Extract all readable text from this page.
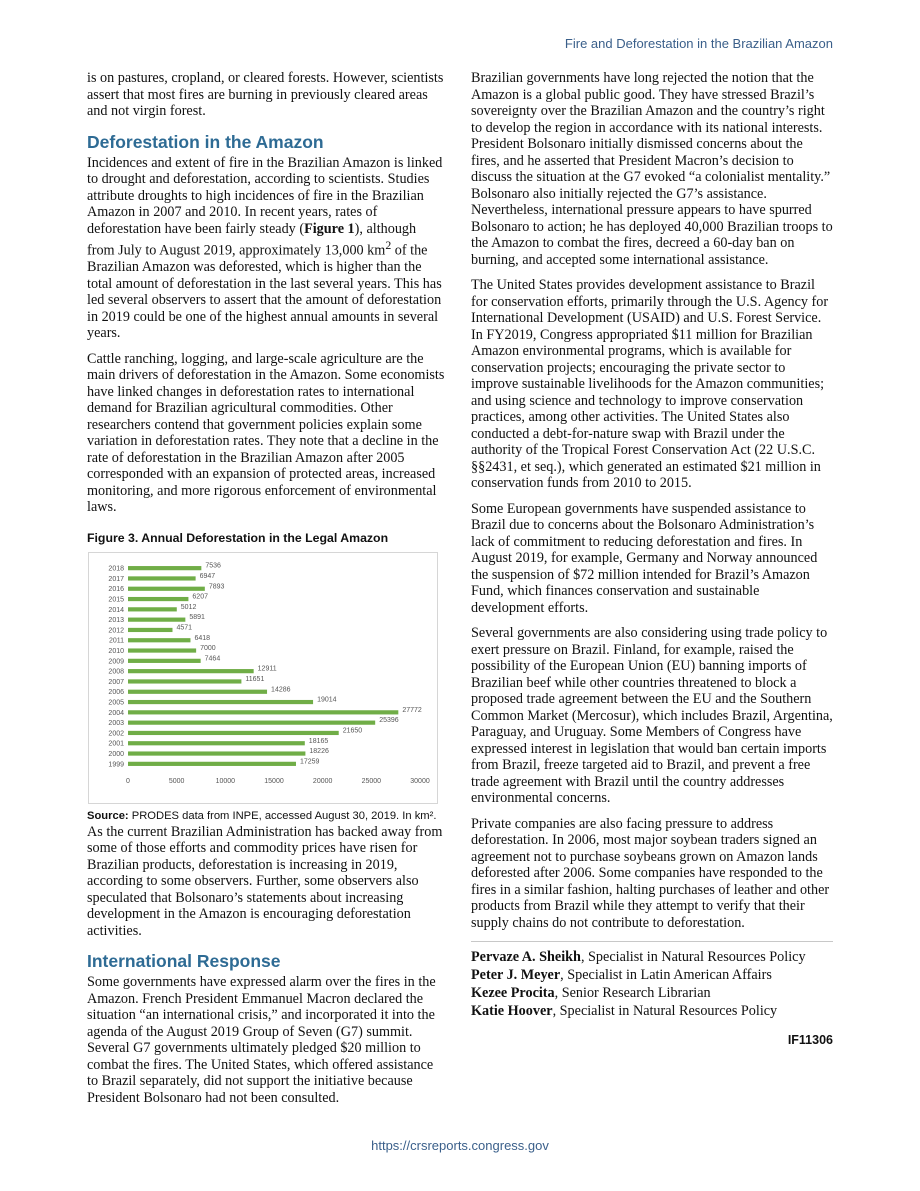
Fire and Deforestation in the Brazilian Amazon

is on pastures, cropland, or cleared forests. However, scientists assert that most fires are burning in previously cleared areas and not virgin forest.

Deforestation in the Amazon

Incidences and extent of fire in the Brazilian Amazon is linked to drought and deforestation, according to scientists. Studies attribute droughts to high incidences of fire in the Brazilian Amazon in 2007 and 2010. In recent years, rates of deforestation have been fairly steady (Figure 1), although from July to August 2019, approximately 13,000 $km^2$ of the Brazilian Amazon was deforested, which is higher than the total amount of deforestation in the last several years. This has led several observers to assert that the amount of deforestation in 2019 could be one of the highest annual amounts in several years.

Cattle ranching, logging, and large-scale agriculture are the main drivers of deforestation in the Amazon. Some economists have linked changes in deforestation rates to international demand for Brazilian agricultural commodities. Other researchers contend that government policies explain some variation in deforestation rates. They note that a decline in the rate of deforestation in the Brazilian Amazon after 2005 corresponded with an expansion of protected areas, increased monitoring, and more rigorous enforcement of environmental laws.

Figure 3. Annual Deforestation in the Legal Amazon
2018	7536
2017	6947
2016	7893
2015	6207
2014	5012
2013	5891
2012	4571
2011	6418
2010	7000
2009	7464
2008	12911
2007	11651
2006	14286
2005	19014
2004	27772
2003	25396
2002	21650
2001	18165
2000	18226
1999	17259
0	5000	10000	15000	20000	25000	30000
Source: PRODES data from INPE, accessed August 30, 2019. In km².

As the current Brazilian Administration has backed away from some of those efforts and commodity prices have risen for Brazilian products, deforestation is increasing in 2019, according to some observers. Further, some observers also speculated that Bolsonaro’s statements about increasing development in the Amazon is encouraging deforestation activities.

International Response

Some governments have expressed alarm over the fires in the Amazon. French President Emmanuel Macron declared the situation “an international crisis,” and incorporated it into the agenda of the August 2019 Group of Seven (G7) summit. Several G7 governments ultimately pledged $20 million to combat the fires. The United States, which offered assistance to Brazil separately, did not support the initiative because President Bolsonaro had not been consulted.

Brazilian governments have long rejected the notion that the Amazon is a global public good. They have stressed Brazil’s sovereignty over the Brazilian Amazon and the country’s right to develop the region in accordance with its national interests. President Bolsonaro initially dismissed concerns about the fires, and he asserted that President Macron’s decision to discuss the situation at the G7 evoked “a colonialist mentality.” Bolsonaro also initially rejected the G7’s assistance. Nevertheless, international pressure appears to have spurred Bolsonaro to action; he has deployed 40,000 Brazilian troops to the Amazon to combat the fires, decreed a 60-day ban on burning, and accepted some international assistance.

The United States provides development assistance to Brazil for conservation efforts, primarily through the U.S. Agency for International Development (USAID) and U.S. Forest Service. In FY2019, Congress appropriated $11 million for Brazilian Amazon environmental programs, which is available for conservation projects; encouraging the private sector to improve sustainable livelihoods for the Amazon communities; and using science and technology to improve conservation practices, among other activities. The United States also conducted a debt-for-nature swap with Brazil under the authority of the Tropical Forest Conservation Act (22 U.S.C. §§2431, et seq.), which generated an estimated $21 million in conservation funds from 2010 to 2015.

Some European governments have suspended assistance to Brazil due to concerns about the Bolsonaro Administration’s lack of commitment to reducing deforestation and fires. In August 2019, for example, Germany and Norway announced the suspension of $72 million intended for Brazil’s Amazon Fund, which finances conservation and sustainable development efforts.

Several governments are also considering using trade policy to exert pressure on Brazil. Finland, for example, raised the possibility of the European Union (EU) banning imports of Brazilian beef while other countries threatened to block a proposed trade agreement between the EU and the Southern Common Market (Mercosur), which includes Brazil, Argentina, Paraguay, and Uruguay. Some Members of Congress have expressed interest in legislation that would ban certain imports from Brazil, freeze targeted aid to Brazil, and prevent a free trade agreement with Brazil until the country addresses environmental concerns.

Private companies are also facing pressure to address deforestation. In 2006, most major soybean traders signed an agreement not to purchase soybeans grown on Amazon lands deforested after 2006. Some companies have responded to the fires in a similar fashion, halting purchases of leather and other products from Brazil while they attempt to verify that their supply chains do not contribute to deforestation.

Pervaze A. Sheikh, Specialist in Natural Resources Policy
Peter J. Meyer, Specialist in Latin American Affairs
Kezee Procita, Senior Research Librarian
Katie Hoover, Specialist in Natural Resources Policy
IF11306
https://crsreports.congress.gov
